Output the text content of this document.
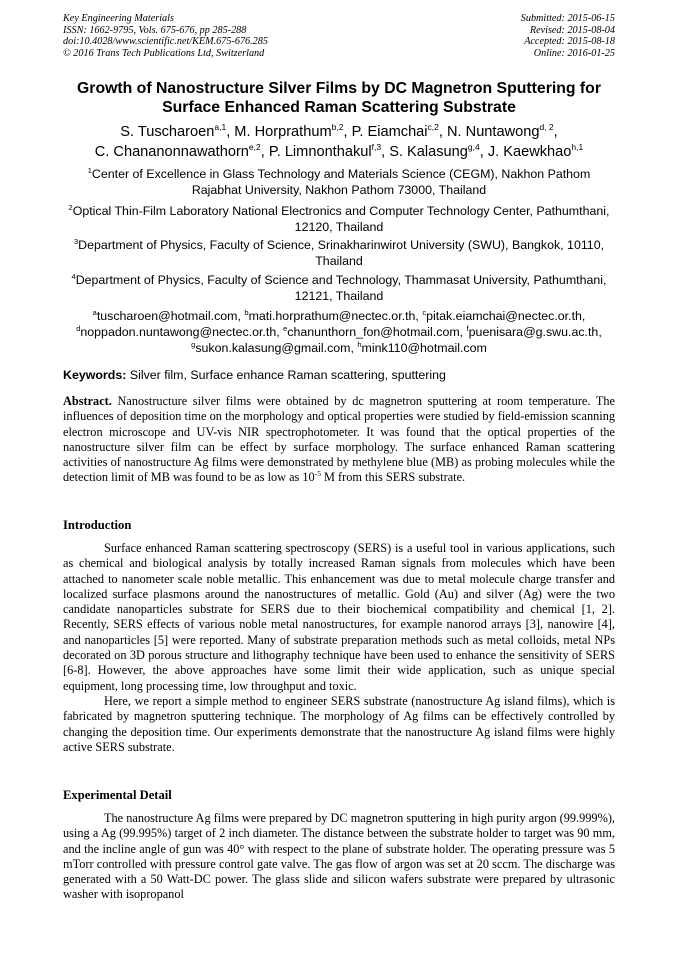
Key Engineering Materials
ISSN: 1662-9795, Vols. 675-676, pp 285-288
doi:10.4028/www.scientific.net/KEM.675-676.285
© 2016 Trans Tech Publications Ltd, Switzerland
Submitted: 2015-06-15
Revised: 2015-08-04
Accepted: 2015-08-18
Online: 2016-01-25
Growth of Nanostructure Silver Films by DC Magnetron Sputtering for
Surface Enhanced Raman Scattering Substrate
S. Tuscharoen$^{a,1}$, M. Horprathum$^{b,2}$, P. Eiamchai$^{c,2}$, N. Nuntawong$^{d, 2}$,
C. Chananonnawathorn$^{e,2}$, P. Limnonthakul$^{f,3}$, S. Kalasung$^{g,4}$, J. Kaewkhao$^{h,1}$
$^1$Center of Excellence in Glass Technology and Materials Science (CEGM), Nakhon Pathom
Rajabhat University, Nakhon Pathom 73000, Thailand
$^2$Optical Thin-Film Laboratory National Electronics and Computer Technology Center, Pathumthani,
12120, Thailand
$^3$Department of Physics, Faculty of Science, Srinakharinwirot University (SWU), Bangkok, 10110,
Thailand
$^4$Department of Physics, Faculty of Science and Technology, Thammasat University, Pathumthani,
12121, Thailand
$^a$tuscharoen@hotmail.com, $^b$mati.horprathum@nectec.or.th, $^c$pitak.eiamchai@nectec.or.th,
$^d$noppadon.nuntawong@nectec.or.th, $^e$chanunthorn_fon@hotmail.com, $^f$puenisara@g.swu.ac.th,
$^g$sukon.kalasung@gmail.com, $^h$mink110@hotmail.com
Keywords: Silver film, Surface enhance Raman scattering, sputtering
Abstract. Nanostructure silver films were obtained by dc magnetron sputtering at room temperature. The influences of deposition time on the morphology and optical properties were studied by field-emission scanning electron microscope and UV-vis NIR spectrophotometer. It was found that the optical properties of the nanostructure silver film can be effect by surface morphology. The surface enhanced Raman scattering activities of nanostructure Ag films were demonstrated by methylene blue (MB) as probing molecules while the detection limit of MB was found to be as low as $10^{-5}$ M from this SERS substrate.
Introduction

Surface enhanced Raman scattering spectroscopy (SERS) is a useful tool in various applications, such as chemical and biological analysis by totally increased Raman signals from molecules which have been attached to nanometer scale noble metallic. This enhancement was due to metal molecule charge transfer and localized surface plasmons around the nanostructures of metallic. Gold (Au) and silver (Ag) were the two candidate nanoparticles substrate for SERS due to their biochemical compatibility and chemical [1, 2]. Recently, SERS effects of various noble metal nanostructures, for example nanorod arrays [3], nanowire [4], and nanoparticles [5] were reported. Many of substrate preparation methods such as metal colloids, metal NPs decorated on 3D porous structure and lithography technique have been used to enhance the sensitivity of SERS [6-8]. However, the above approaches have some limit their wide application, such as unique special equipment, long processing time, low throughput and toxic.

Here, we report a simple method to engineer SERS substrate (nanostructure Ag island films), which is fabricated by magnetron sputtering technique. The morphology of Ag films can be effectively controlled by changing the deposition time. Our experiments demonstrate that the nanostructure Ag island films were highly active SERS substrate.

Experimental Detail

The nanostructure Ag films were prepared by DC magnetron sputtering in high purity argon (99.999%), using a Ag (99.995%) target of 2 inch diameter. The distance between the substrate holder to target was 90 mm, and the incline angle of gun was 40° with respect to the plane of substrate holder. The operating pressure was 5 mTorr controlled with pressure control gate valve. The gas flow of argon was set at 20 sccm. The discharge was generated with a 50 Watt-DC power. The glass slide and silicon wafers substrate were prepared by ultrasonic washer with isopropanol
